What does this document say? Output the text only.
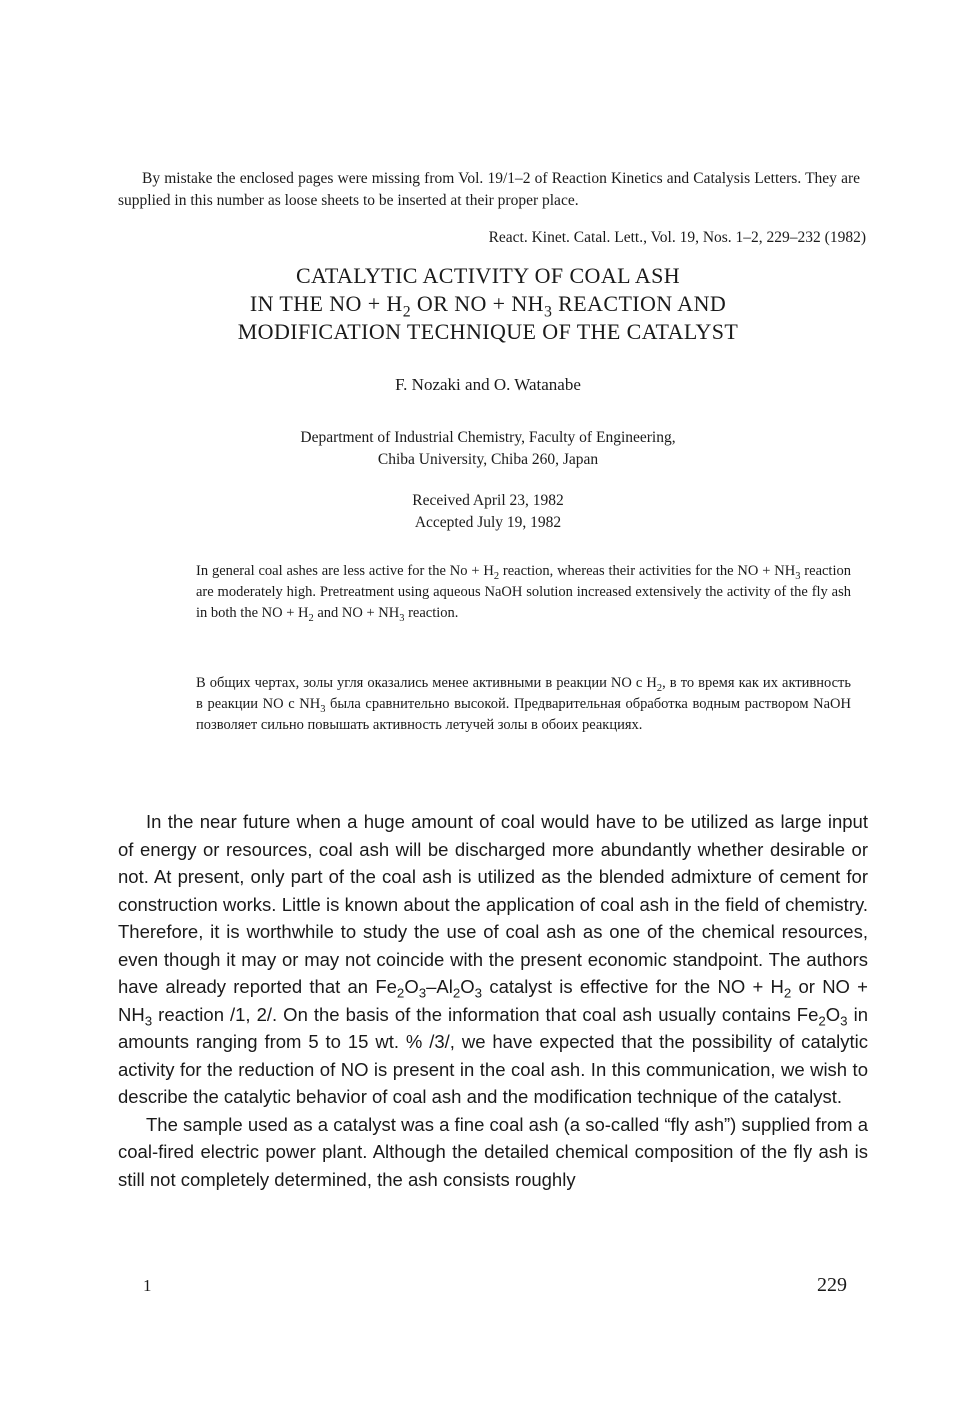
By mistake the enclosed pages were missing from Vol. 19/1–2 of Reaction Kinetics and Catalysis Letters. They are supplied in this number as loose sheets to be inserted at their proper place.
React. Kinet. Catal. Lett., Vol. 19, Nos. 1–2, 229–232 (1982)
CATALYTIC ACTIVITY OF COAL ASH
IN THE NO + $H_2$ OR NO + $NH_3$ REACTION AND
MODIFICATION TECHNIQUE OF THE CATALYST
F. Nozaki and O. Watanabe
Department of Industrial Chemistry, Faculty of Engineering,
Chiba University, Chiba 260, Japan
Received April 23, 1982
Accepted July 19, 1982
In general coal ashes are less active for the $No + H_2$ reaction, whereas their activities for the NO + $NH_3$ reaction are moderately high. Pretreatment using aqueous NaOH solution increased extensively the activity of the fly ash in both the NO + $H_2$ and NO + $NH_3$ reaction.
В общих чертах, золы угля оказались менее активными в реакции NO с $H_2$, в то время как их активность в реакции NO с $NH_3$ была сравнительно высокой. Предварительная обработка водным раствором NaOH позволяет сильно повышать активность летучей золы в обоих реакциях.

In the near future when a huge amount of coal would have to be utilized as large input of energy or resources, coal ash will be discharged more abundantly whether desirable or not. At present, only part of the coal ash is utilized as the blended admixture of cement for construction works. Little is known about the application of coal ash in the field of chemistry. Therefore, it is worthwhile to study the use of coal ash as one of the chemical resources, even though it may or may not coincide with the present economic standpoint. The authors have already reported that an $Fe_2O_3-Al_2O_3$ catalyst is effective for the NO + $H_2$ or NO + $NH_3$ reaction /1, 2/. On the basis of the information that coal ash usually contains $Fe_2O_3$ in amounts ranging from 5 to 15 wt. % /3/, we have expected that the possibility of catalytic activity for the reduction of NO is present in the coal ash. In this communication, we wish to describe the catalytic behavior of coal ash and the modification technique of the catalyst.

The sample used as a catalyst was a fine coal ash (a so-called “fly ash”) supplied from a coal-fired electric power plant. Although the detailed chemical composition of the fly ash is still not completely determined, the ash consists roughly

1	229
